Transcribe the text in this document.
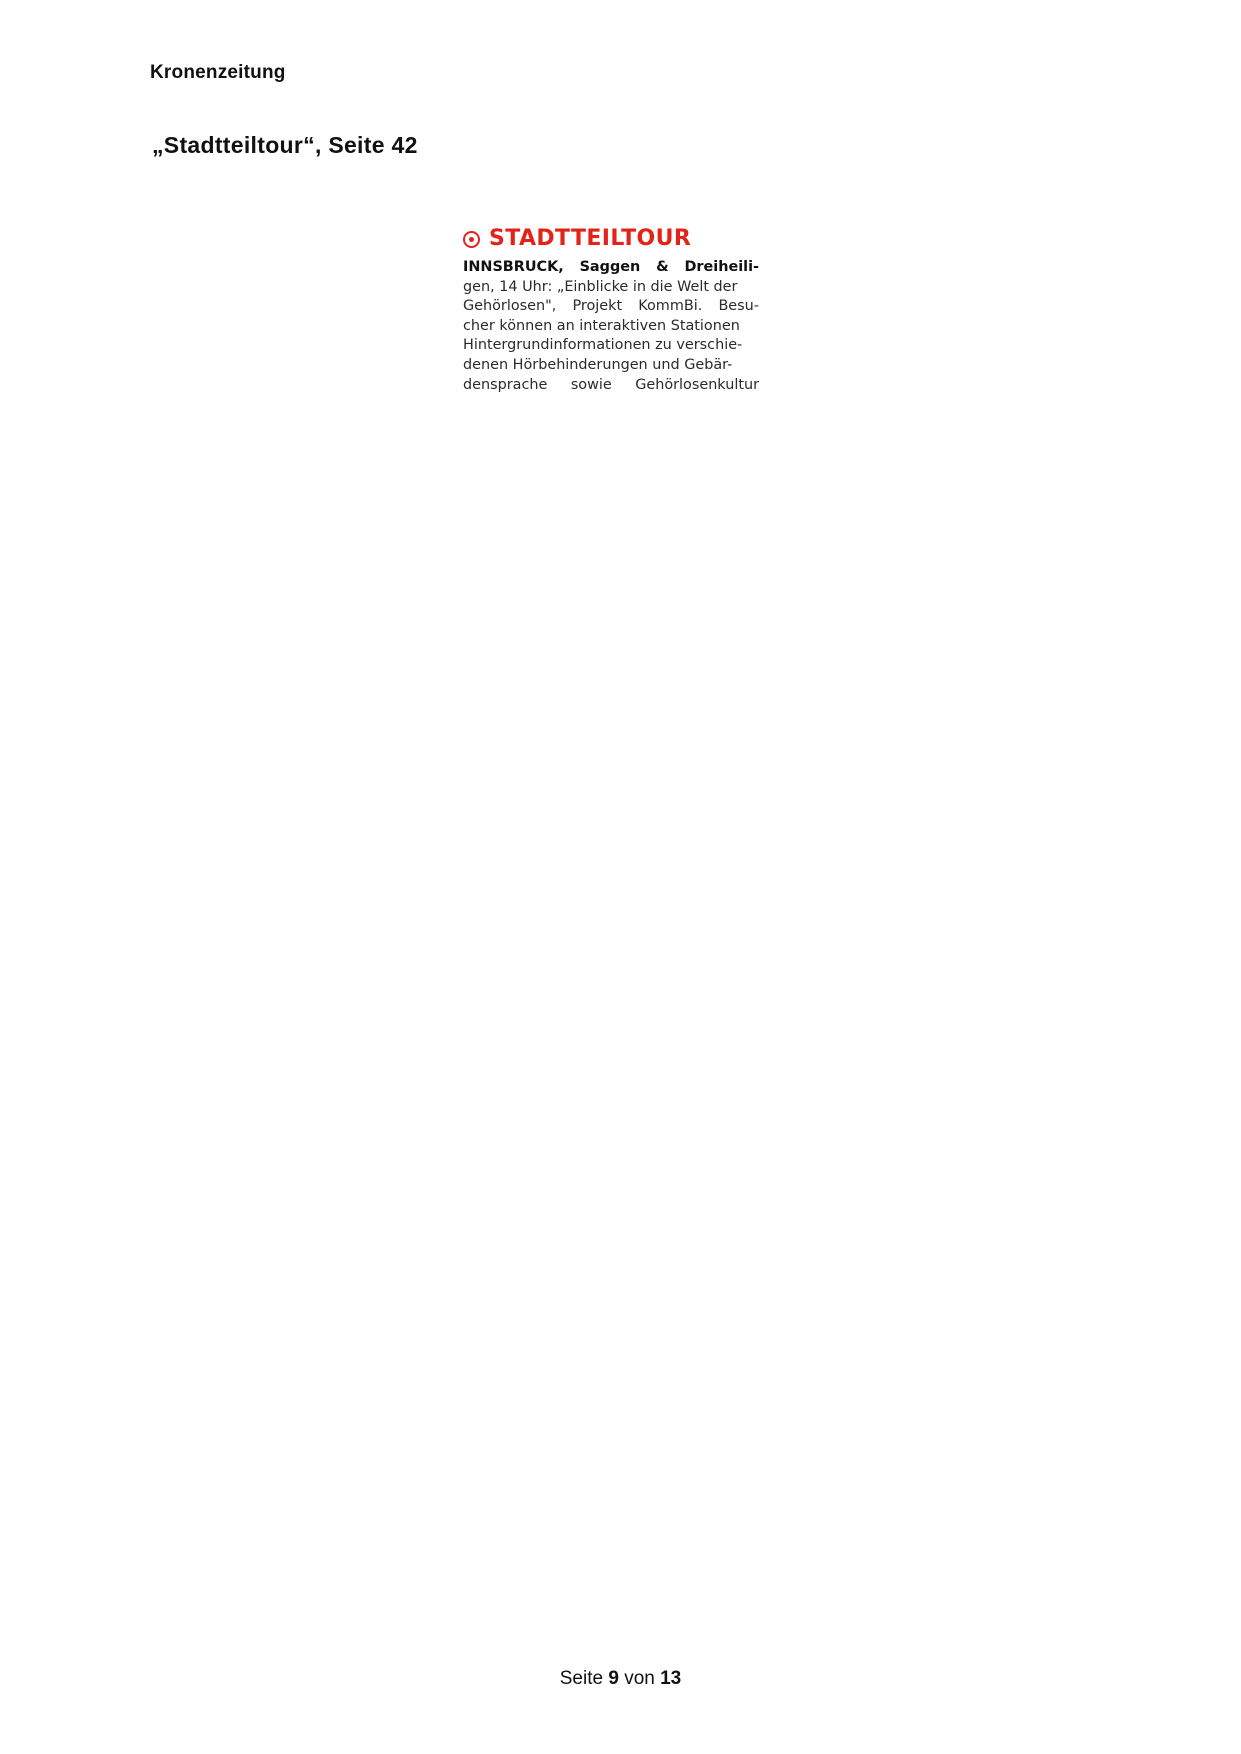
Kronenzeitung
„Stadtteiltour“, Seite 42
STADTTEILTOUR
INNSBRUCK, Saggen & Dreiheili-
gen, 14 Uhr: „Einblicke in die Welt der
Gehörlosen", Projekt KommBi. Besu-
cher können an interaktiven Stationen
Hintergrundinformationen zu verschie-
denen Hörbehinderungen und Gebär-
densprache sowie Gehörlosenkultur
Seite 9 von 13
